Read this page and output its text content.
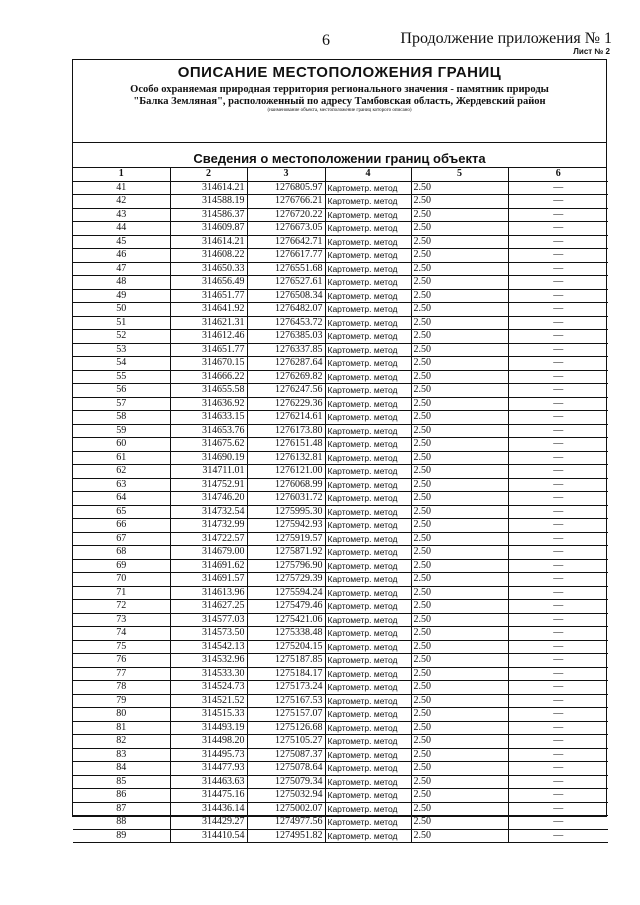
6	Продолжение приложения № 1
Лист № 2
ОПИСАНИЕ МЕСТОПОЛОЖЕНИЯ ГРАНИЦ
Особо охраняемая природная территория регионального значения - памятник природы
"Балка Земляная", расположенный по адресу Тамбовская область, Жердевский район
(наименование объекта, местоположение границ которого описано)
Сведения о местоположении границ объекта
1	2	3	4	5	6
41	314614.21	1276805.97	Картометр. метод	2.50	—
42	314588.19	1276766.21	Картометр. метод	2.50	—
43	314586.37	1276720.22	Картометр. метод	2.50	—
44	314609.87	1276673.05	Картометр. метод	2.50	—
45	314614.21	1276642.71	Картометр. метод	2.50	—
46	314608.22	1276617.77	Картометр. метод	2.50	—
47	314650.33	1276551.68	Картометр. метод	2.50	—
48	314656.49	1276527.61	Картометр. метод	2.50	—
49	314651.77	1276508.34	Картометр. метод	2.50	—
50	314641.92	1276482.07	Картометр. метод	2.50	—
51	314621.31	1276453.72	Картометр. метод	2.50	—
52	314612.46	1276385.03	Картометр. метод	2.50	—
53	314651.77	1276337.85	Картометр. метод	2.50	—
54	314670.15	1276287.64	Картометр. метод	2.50	—
55	314666.22	1276269.82	Картометр. метод	2.50	—
56	314655.58	1276247.56	Картометр. метод	2.50	—
57	314636.92	1276229.36	Картометр. метод	2.50	—
58	314633.15	1276214.61	Картометр. метод	2.50	—
59	314653.76	1276173.80	Картометр. метод	2.50	—
60	314675.62	1276151.48	Картометр. метод	2.50	—
61	314690.19	1276132.81	Картометр. метод	2.50	—
62	314711.01	1276121.00	Картометр. метод	2.50	—
63	314752.91	1276068.99	Картометр. метод	2.50	—
64	314746.20	1276031.72	Картометр. метод	2.50	—
65	314732.54	1275995.30	Картометр. метод	2.50	—
66	314732.99	1275942.93	Картометр. метод	2.50	—
67	314722.57	1275919.57	Картометр. метод	2.50	—
68	314679.00	1275871.92	Картометр. метод	2.50	—
69	314691.62	1275796.90	Картометр. метод	2.50	—
70	314691.57	1275729.39	Картометр. метод	2.50	—
71	314613.96	1275594.24	Картометр. метод	2.50	—
72	314627.25	1275479.46	Картометр. метод	2.50	—
73	314577.03	1275421.06	Картометр. метод	2.50	—
74	314573.50	1275338.48	Картометр. метод	2.50	—
75	314542.13	1275204.15	Картометр. метод	2.50	—
76	314532.96	1275187.85	Картометр. метод	2.50	—
77	314533.30	1275184.17	Картометр. метод	2.50	—
78	314524.73	1275173.24	Картометр. метод	2.50	—
79	314521.52	1275167.53	Картометр. метод	2.50	—
80	314515.33	1275157.07	Картометр. метод	2.50	—
81	314493.19	1275126.68	Картометр. метод	2.50	—
82	314498.20	1275105.27	Картометр. метод	2.50	—
83	314495.73	1275087.37	Картометр. метод	2.50	—
84	314477.93	1275078.64	Картометр. метод	2.50	—
85	314463.63	1275079.34	Картометр. метод	2.50	—
86	314475.16	1275032.94	Картометр. метод	2.50	—
87	314436.14	1275002.07	Картометр. метод	2.50	—
88	314429.27	1274977.56	Картометр. метод	2.50	—
89	314410.54	1274951.82	Картометр. метод	2.50	—
